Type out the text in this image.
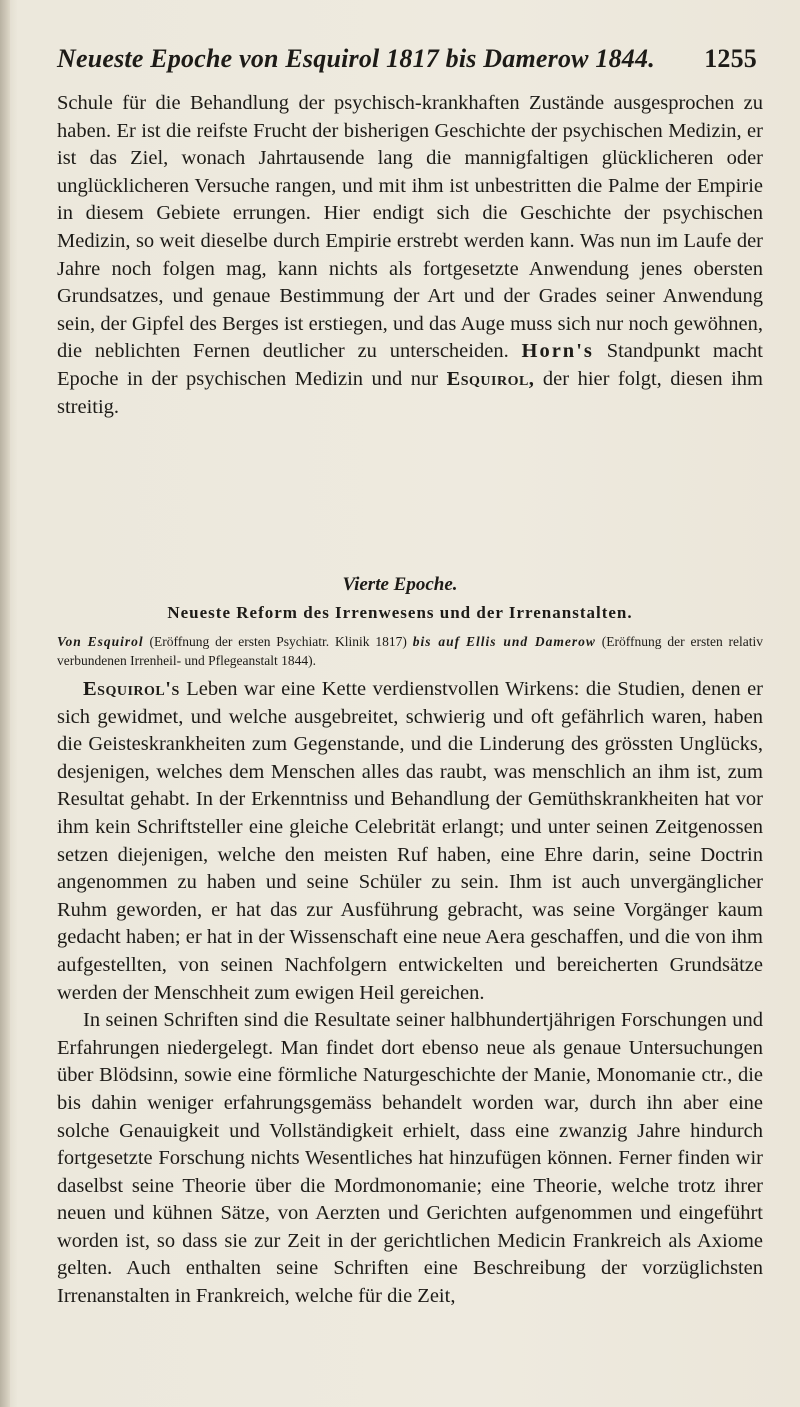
Neueste Epoche von Esquirol 1817 bis Damerow 1844. 1255

Schule für die Behandlung der psychisch-krankhaften Zustände ausgesprochen zu haben. Er ist die reifste Frucht der bisherigen Geschichte der psychischen Medizin, er ist das Ziel, wonach Jahrtausende lang die mannigfaltigen glücklicheren oder unglücklicheren Versuche rangen, und mit ihm ist unbestritten die Palme der Empirie in diesem Gebiete errungen. Hier endigt sich die Geschichte der psychischen Medizin, so weit dieselbe durch Empirie erstrebt werden kann. Was nun im Laufe der Jahre noch folgen mag, kann nichts als fortgesetzte Anwendung jenes obersten Grundsatzes, und genaue Bestimmung der Art und der Grades seiner Anwendung sein, der Gipfel des Berges ist erstiegen, und das Auge muss sich nur noch gewöhnen, die neblichten Fernen deutlicher zu unterscheiden. Horn's Standpunkt macht Epoche in der psychischen Medizin und nur Esquirol, der hier folgt, diesen ihm streitig.

Vierte Epoche.
Neueste Reform des Irrenwesens und der Irrenanstalten.
Von Esquirol (Eröffnung der ersten Psychiatr. Klinik 1817) bis auf Ellis und Damerow (Eröffnung der ersten relativ verbundenen Irrenheil- und Pflegeanstalt 1844).

Esquirol's Leben war eine Kette verdienstvollen Wirkens: die Studien, denen er sich gewidmet, und welche ausgebreitet, schwierig und oft gefährlich waren, haben die Geisteskrankheiten zum Gegenstande, und die Linderung des grössten Unglücks, desjenigen, welches dem Menschen alles das raubt, was menschlich an ihm ist, zum Resultat gehabt. In der Erkenntniss und Behandlung der Gemüthskrankheiten hat vor ihm kein Schriftsteller eine gleiche Celebrität erlangt; und unter seinen Zeitgenossen setzen diejenigen, welche den meisten Ruf haben, eine Ehre darin, seine Doctrin angenommen zu haben und seine Schüler zu sein. Ihm ist auch unvergänglicher Ruhm geworden, er hat das zur Ausführung gebracht, was seine Vorgänger kaum gedacht haben; er hat in der Wissenschaft eine neue Aera geschaffen, und die von ihm aufgestellten, von seinen Nachfolgern entwickelten und bereicherten Grundsätze werden der Menschheit zum ewigen Heil gereichen.

In seinen Schriften sind die Resultate seiner halbhundertjährigen Forschungen und Erfahrungen niedergelegt. Man findet dort ebenso neue als genaue Untersuchungen über Blödsinn, sowie eine förmliche Naturgeschichte der Manie, Monomanie ctr., die bis dahin weniger erfahrungsgemäss behandelt worden war, durch ihn aber eine solche Genauigkeit und Vollständigkeit erhielt, dass eine zwanzig Jahre hindurch fortgesetzte Forschung nichts Wesentliches hat hinzufügen können. Ferner finden wir daselbst seine Theorie über die Mordmonomanie; eine Theorie, welche trotz ihrer neuen und kühnen Sätze, von Aerzten und Gerichten aufgenommen und eingeführt worden ist, so dass sie zur Zeit in der gerichtlichen Medicin Frankreich als Axiome gelten. Auch enthalten seine Schriften eine Beschreibung der vorzüglichsten Irrenanstalten in Frankreich, welche für die Zeit,
